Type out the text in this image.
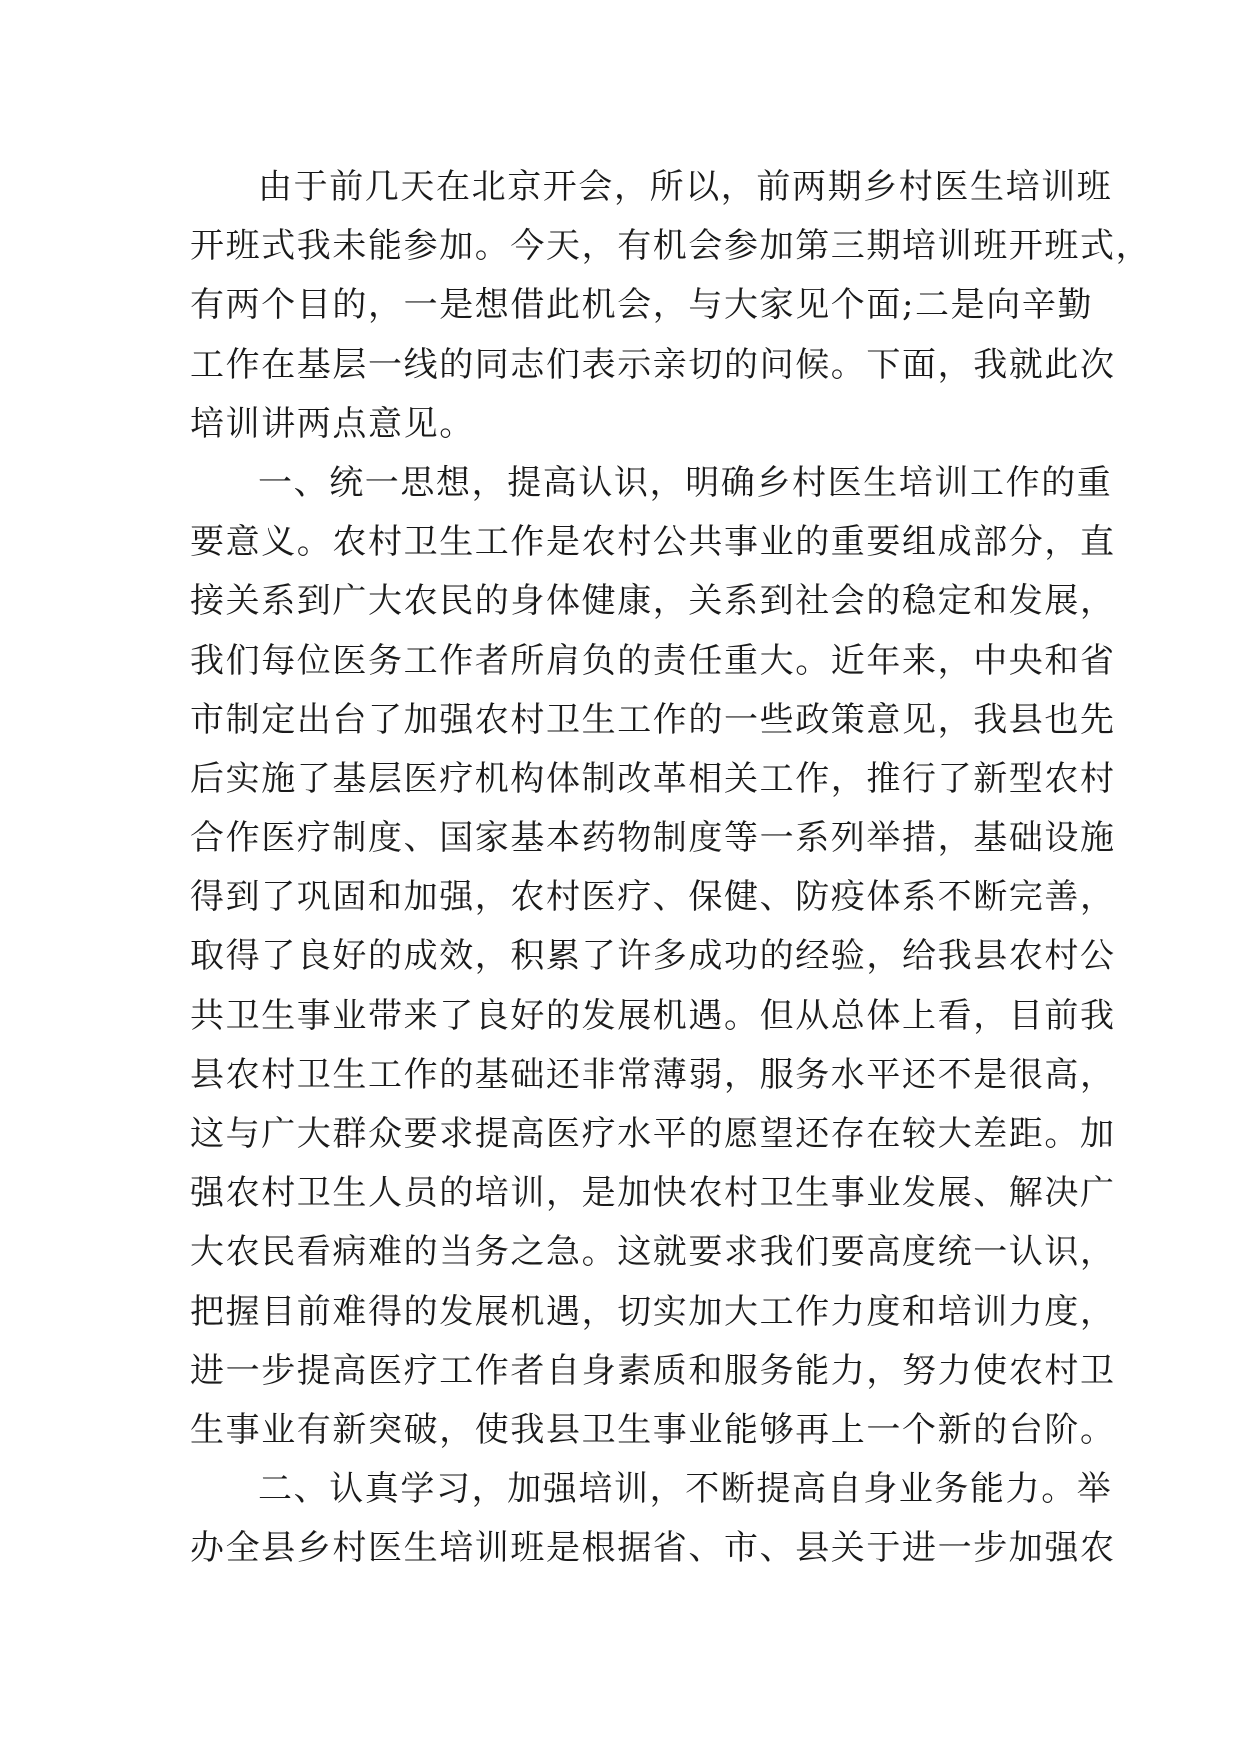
由于前几天在北京开会，所以，前两期乡村医生培训班
开班式我未能参加。今天，有机会参加第三期培训班开班式，
有两个目的，一是想借此机会，与大家见个面;二是向辛勤
工作在基层一线的同志们表示亲切的问候。下面，我就此次
培训讲两点意见。
一、统一思想，提高认识，明确乡村医生培训工作的重
要意义。农村卫生工作是农村公共事业的重要组成部分，直
接关系到广大农民的身体健康，关系到社会的稳定和发展，
我们每位医务工作者所肩负的责任重大。近年来，中央和省
市制定出台了加强农村卫生工作的一些政策意见，我县也先
后实施了基层医疗机构体制改革相关工作，推行了新型农村
合作医疗制度、国家基本药物制度等一系列举措，基础设施
得到了巩固和加强，农村医疗、保健、防疫体系不断完善，
取得了良好的成效，积累了许多成功的经验，给我县农村公
共卫生事业带来了良好的发展机遇。但从总体上看，目前我
县农村卫生工作的基础还非常薄弱，服务水平还不是很高，
这与广大群众要求提高医疗水平的愿望还存在较大差距。加
强农村卫生人员的培训，是加快农村卫生事业发展、解决广
大农民看病难的当务之急。这就要求我们要高度统一认识，
把握目前难得的发展机遇，切实加大工作力度和培训力度，
进一步提高医疗工作者自身素质和服务能力，努力使农村卫
生事业有新突破，使我县卫生事业能够再上一个新的台阶。
二、认真学习，加强培训，不断提高自身业务能力。举
办全县乡村医生培训班是根据省、市、县关于进一步加强农
